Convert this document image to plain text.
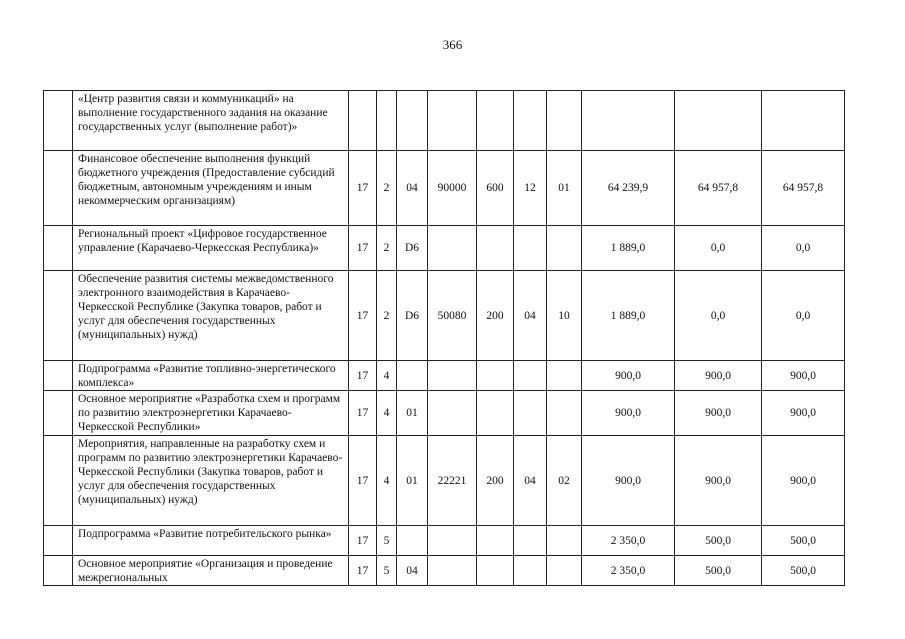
366
	«Центр развития связи и коммуникаций» на выполнение государственного задания на оказание государственных услуг (выполнение работ)»										
	Финансовое обеспечение выполнения функций бюджетного учреждения (Предоставление субсидий бюджетным, автономным учреждениям и иным некоммерческим организациям)	17	2	04	90000	600	12	01	64 239,9	64 957,8	64 957,8
	Региональный проект «Цифровое государственное управление (Карачаево-Черкесская Республика)»	17	2	D6					1 889,0	0,0	0,0
	Обеспечение развития системы межведомственного электронного взаимодействия в Карачаево-Черкесской Республике (Закупка товаров, работ и услуг для обеспечения государственных (муниципальных) нужд)	17	2	D6	50080	200	04	10	1 889,0	0,0	0,0
	Подпрограмма «Развитие топливно-энергетического комплекса»	17	4						900,0	900,0	900,0
	Основное мероприятие «Разработка схем и программ по развитию электроэнергетики Карачаево-Черкесской Республики»	17	4	01					900,0	900,0	900,0
	Мероприятия, направленные на разработку схем и программ по развитию электроэнергетики Карачаево-Черкесской Республики (Закупка товаров, работ и услуг для обеспечения государственных (муниципальных) нужд)	17	4	01	22221	200	04	02	900,0	900,0	900,0
	Подпрограмма «Развитие потребительского рынка»	17	5						2 350,0	500,0	500,0
	Основное мероприятие «Организация и проведение межрегиональных	17	5	04					2 350,0	500,0	500,0
